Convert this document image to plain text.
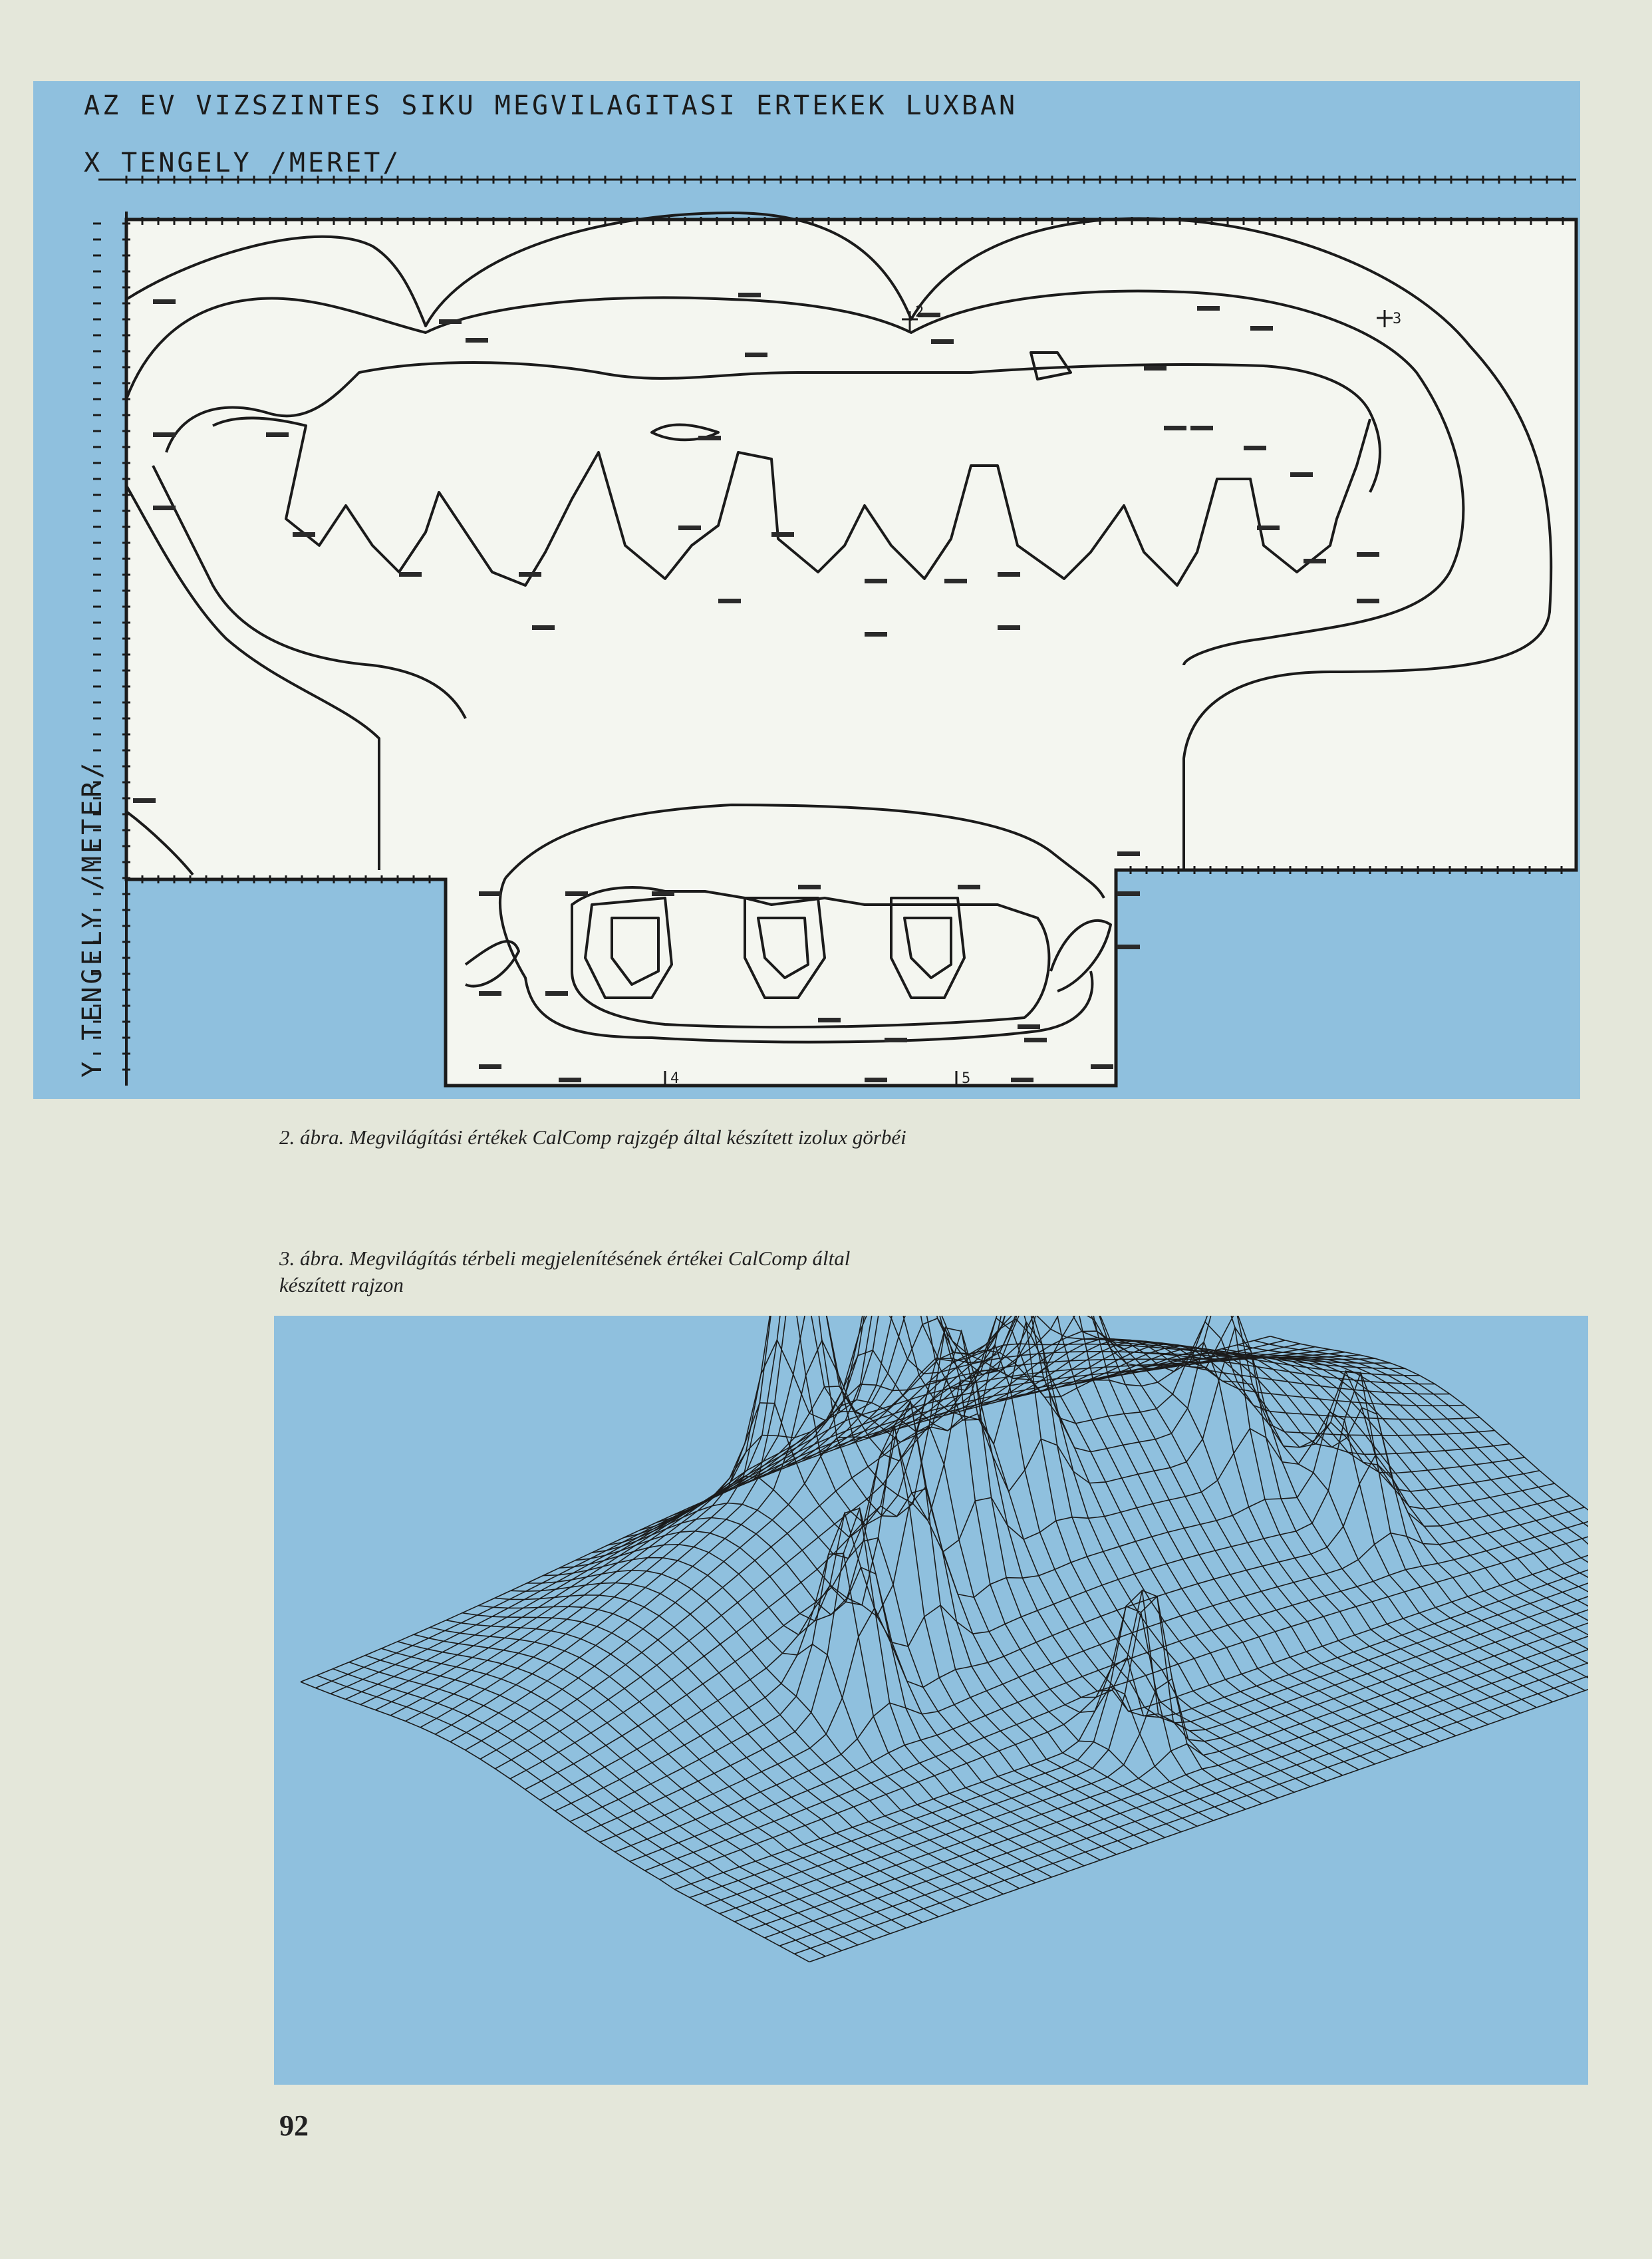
2	3
4	5
AZ EV VIZSZINTES SIKU MEGVILAGITASI ERTEKEK LUXBAN
X TENGELY /MERET/
Y TENGELY /METER/
2. ábra. Megvilágítási értékek CalComp rajzgép által készített izolux görbéi
3. ábra. Megvilágítás térbeli megjelenítésének értékei CalComp által készített rajzon
92
